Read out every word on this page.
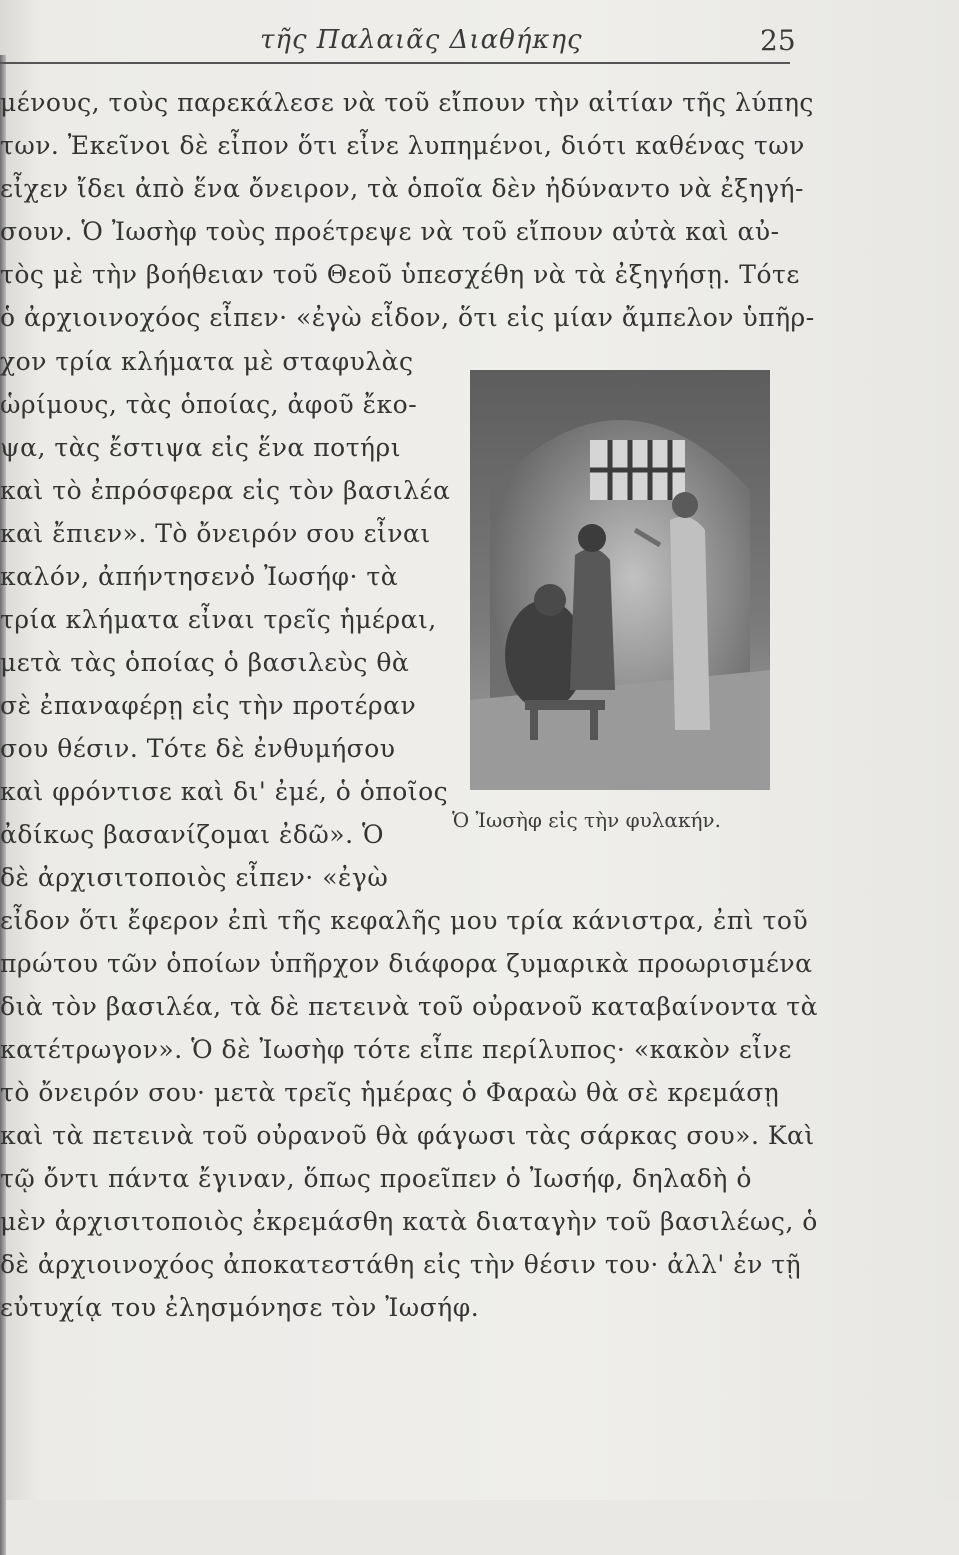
τῆς Παλαιᾶς Διαθήκης	25
μένους, τοὺς παρεκάλεσε νὰ τοῦ εἴπουν τὴν αἰτίαν τῆς λύπης
των. Ἐκεῖνοι δὲ εἶπον ὅτι εἶνε λυπημένοι, διότι καθένας των
εἶχεν ἴδει ἀπὸ ἕνα ὄνειρον, τὰ ὁποῖα δὲν ἠδύναντο νὰ ἐξηγή-
σουν. Ὁ Ἰωσὴφ τοὺς προέτρεψε νὰ τοῦ εἴπουν αὐτὰ καὶ αὐ-
τὸς μὲ τὴν βοήθειαν τοῦ Θεοῦ ὑπεσχέθη νὰ τὰ ἐξηγήσῃ. Τότε
ὁ ἀρχιοινοχόος εἶπεν· «ἐγὼ εἶδον, ὅτι εἰς μίαν ἄμπελον ὑπῆρ-
χον τρία κλήματα μὲ σταφυλὰς
ὡρίμους, τὰς ὁποίας, ἀφοῦ ἔκο-
ψα, τὰς ἔστιψα εἰς ἕνα ποτήρι
καὶ τὸ ἐπρόσφερα εἰς τὸν βασιλέα
καὶ ἔπιεν». Τὸ ὄνειρόν σου εἶναι
καλόν, ἀπήντησενὁ Ἰωσήφ· τὰ
τρία κλήματα εἶναι τρεῖς ἡμέραι,
μετὰ τὰς ὁποίας ὁ βασιλεὺς θὰ
σὲ ἐπαναφέρῃ εἰς τὴν προτέραν
σου θέσιν. Τότε δὲ ἐνθυμήσου
καὶ φρόντισε καὶ δι' ἐμέ, ὁ ὁποῖος
ἀδίκως βασανίζομαι ἐδῶ». Ὁ
δὲ ἀρχισιτοποιὸς εἶπεν· «ἐγὼ
εἶδον ὅτι ἔφερον ἐπὶ τῆς κεφαλῆς μου τρία κάνιστρα, ἐπὶ τοῦ
πρώτου τῶν ὁποίων ὑπῆρχον διάφορα ζυμαρικὰ προωρισμένα
διὰ τὸν βασιλέα, τὰ δὲ πετεινὰ τοῦ οὐρανοῦ καταβαίνοντα τὰ
κατέτρωγον». Ὁ δὲ Ἰωσὴφ τότε εἶπε περίλυπος· «κακὸν εἶνε
τὸ ὄνειρόν σου· μετὰ τρεῖς ἡμέρας ὁ Φαραὼ θὰ σὲ κρεμάσῃ
καὶ τὰ πετεινὰ τοῦ οὐρανοῦ θὰ φάγωσι τὰς σάρκας σου». Καὶ
τῷ ὄντι πάντα ἔγιναν, ὅπως προεῖπεν ὁ Ἰωσήφ, δηλαδὴ ὁ
μὲν ἀρχισιτοποιὸς ἐκρεμάσθη κατὰ διαταγὴν τοῦ βασιλέως, ὁ
δὲ ἀρχιοινοχόος ἀποκατεστάθη εἰς τὴν θέσιν του· ἀλλ' ἐν τῇ
εὐτυχίᾳ του ἐλησμόνησε τὸν Ἰωσήφ.
Ὁ Ἰωσὴφ εἰς τὴν φυλακήν.
